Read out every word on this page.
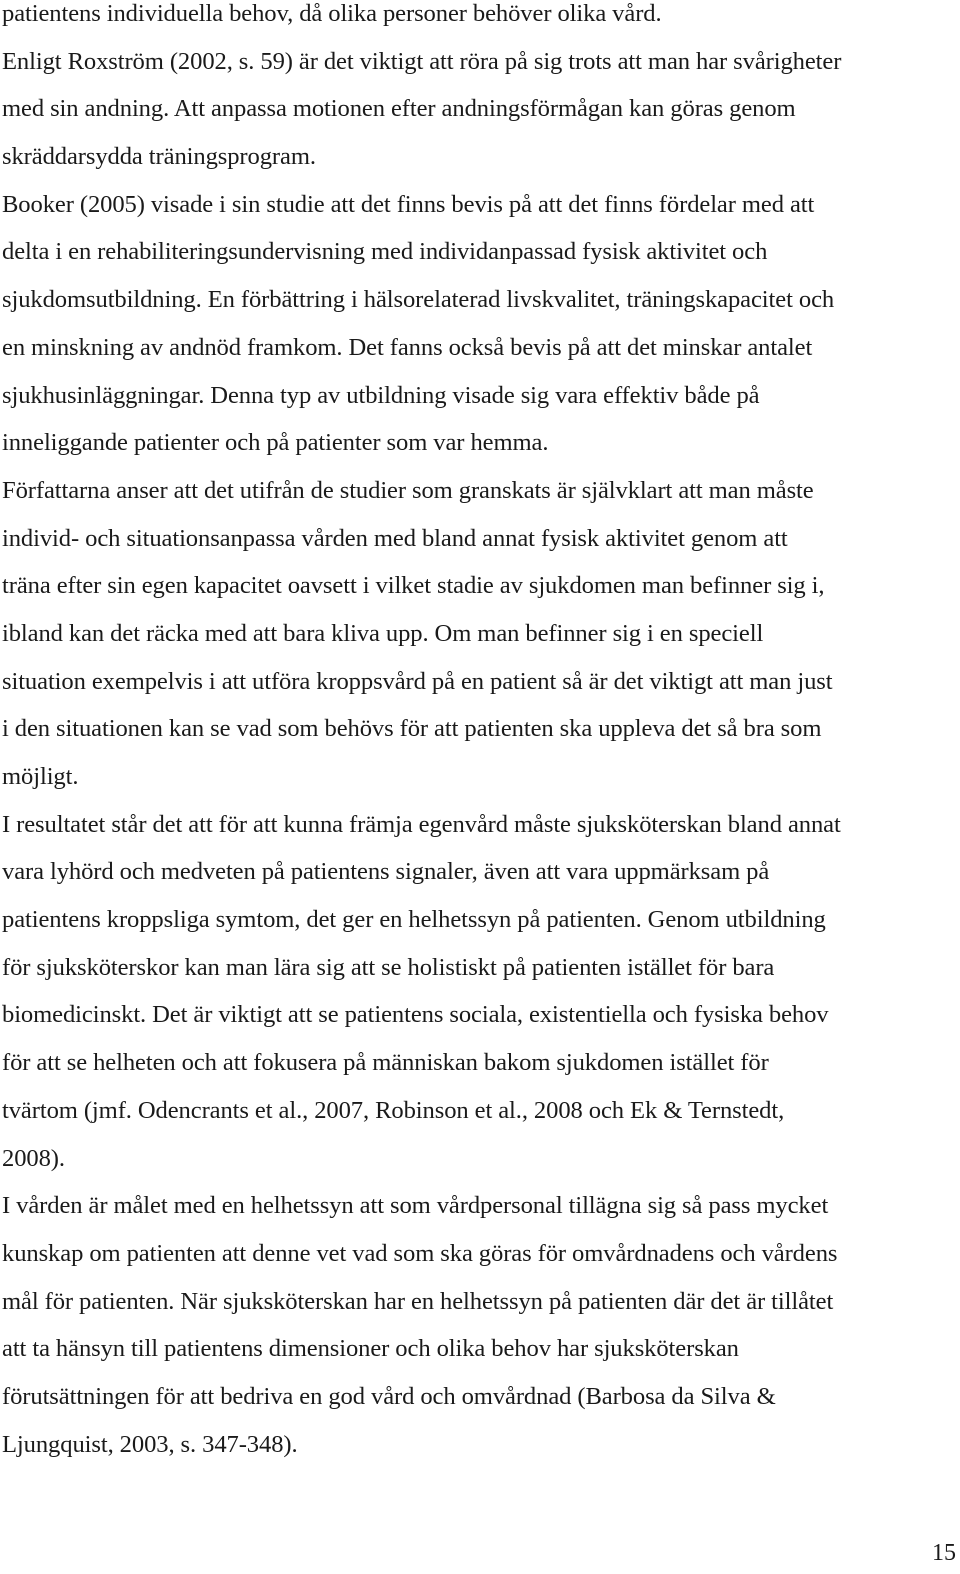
patientens individuella behov, då olika personer behöver olika vård.
Enligt Roxström (2002, s. 59) är det viktigt att röra på sig trots att man har svårigheter
med sin andning. Att anpassa motionen efter andningsförmågan kan göras genom
skräddarsydda träningsprogram.
Booker (2005) visade i sin studie att det finns bevis på att det finns fördelar med att
delta i en rehabiliteringsundervisning med individanpassad fysisk aktivitet och
sjukdomsutbildning. En förbättring i hälsorelaterad livskvalitet, träningskapacitet och
en minskning av andnöd framkom. Det fanns också bevis på att det minskar antalet
sjukhusinläggningar. Denna typ av utbildning visade sig vara effektiv både på
inneliggande patienter och på patienter som var hemma.
Författarna anser att det utifrån de studier som granskats är självklart att man måste
individ- och situationsanpassa vården med bland annat fysisk aktivitet genom att
träna efter sin egen kapacitet oavsett i vilket stadie av sjukdomen man befinner sig i,
ibland kan det räcka med att bara kliva upp. Om man befinner sig i en speciell
situation exempelvis i att utföra kroppsvård på en patient så är det viktigt att man just
i den situationen kan se vad som behövs för att patienten ska uppleva det så bra som
möjligt.
I resultatet står det att för att kunna främja egenvård måste sjuksköterskan bland annat
vara lyhörd och medveten på patientens signaler, även att vara uppmärksam på
patientens kroppsliga symtom, det ger en helhetssyn på patienten. Genom utbildning
för sjuksköterskor kan man lära sig att se holistiskt på patienten istället för bara
biomedicinskt. Det är viktigt att se patientens sociala, existentiella och fysiska behov
för att se helheten och att fokusera på människan bakom sjukdomen istället för
tvärtom (jmf. Odencrants et al., 2007, Robinson et al., 2008 och Ek & Ternstedt,
2008).
I vården är målet med en helhetssyn att som vårdpersonal tillägna sig så pass mycket
kunskap om patienten att denne vet vad som ska göras för omvårdnadens och vårdens
mål för patienten. När sjuksköterskan har en helhetssyn på patienten där det är tillåtet
att ta hänsyn till patientens dimensioner och olika behov har sjuksköterskan
förutsättningen för att bedriva en god vård och omvårdnad (Barbosa da Silva &
Ljungquist, 2003, s. 347-348).
15
